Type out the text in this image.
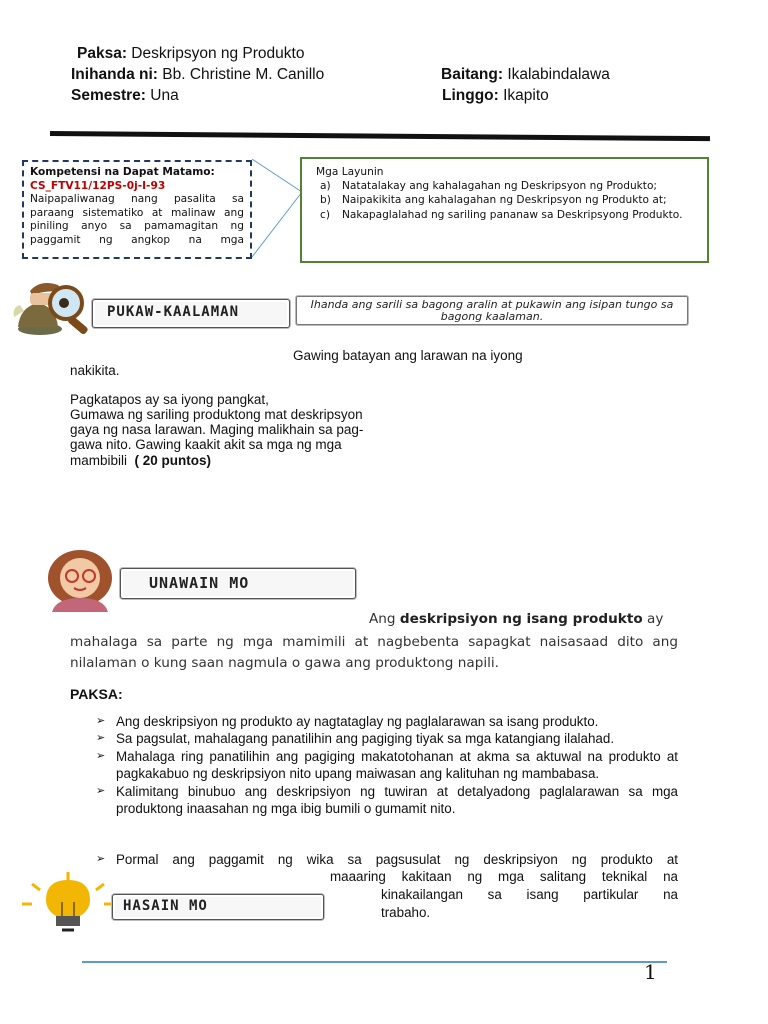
Paksa: Deskripsyon ng Produkto
Inihanda ni: Bb. Christine M. Canillo	Baitang: Ikalabindalawa
Semestre: Una	Linggo: Ikapito
Kompetensi na Dapat Matamo:
CS_FTV11/12PS-0j-I-93
Naipapaliwanag nang pasalita sa paraang sistematiko at malinaw ang piniling anyo sa pamamagitan ng paggamit ng angkop na mga
Mga Layunin
a)	Natatalakay ang kahalagahan ng Deskripsyon ng Produkto;
b)	Naipakikita ang kahalagahan ng Deskripsyon ng Produkto at;
c)	Nakapaglalahad ng sariling pananaw sa Deskripsyong Produkto.
PUKAW-KAALAMAN	Ihanda ang sarili sa bagong aralin at pukawin ang isipan tungo sa bagong kaalaman.
Gawing batayan ang larawan na iyong
nakikita.
Pagkatapos ay sa iyong pangkat,
Gumawa ng sariling produktong mat deskripsyon
gaya ng nasa larawan. Maging malikhain sa pag-
gawa nito. Gawing kaakit akit sa mga ng mga
mambibili ( 20 puntos)
UNAWAIN MO
Ang deskripsiyon ng isang produkto ay
mahalaga sa parte ng mga mamimili at nagbebenta sapagkat naisasaad dito ang
nilalaman o kung saan nagmula o gawa ang produktong napili.
PAKSA:
➢ Ang deskripsiyon ng produkto ay nagtataglay ng paglalarawan sa isang produkto.
➢ Sa pagsulat, mahalagang panatilihin ang pagiging tiyak sa mga katangiang ilalahad.
➢ Mahalaga ring panatilihin ang pagiging makatotohanan at akma sa aktuwal na produkto at pagkakabuo ng deskripsiyon nito upang maiwasan ang kalituhan ng mambabasa.
➢ Kalimitang binubuo ang deskripsiyon ng tuwiran at detalyadong paglalarawan sa mga produktong inaasahan ng mga ibig bumili o gumamit nito.
➢ Pormal ang paggamit ng wika sa pagsusulat ng deskripsiyon ng produkto at
maaaring kakitaan ng mga salitang teknikal na
kinakailangan sa isang partikular na
trabaho.
HASAIN MO
1
